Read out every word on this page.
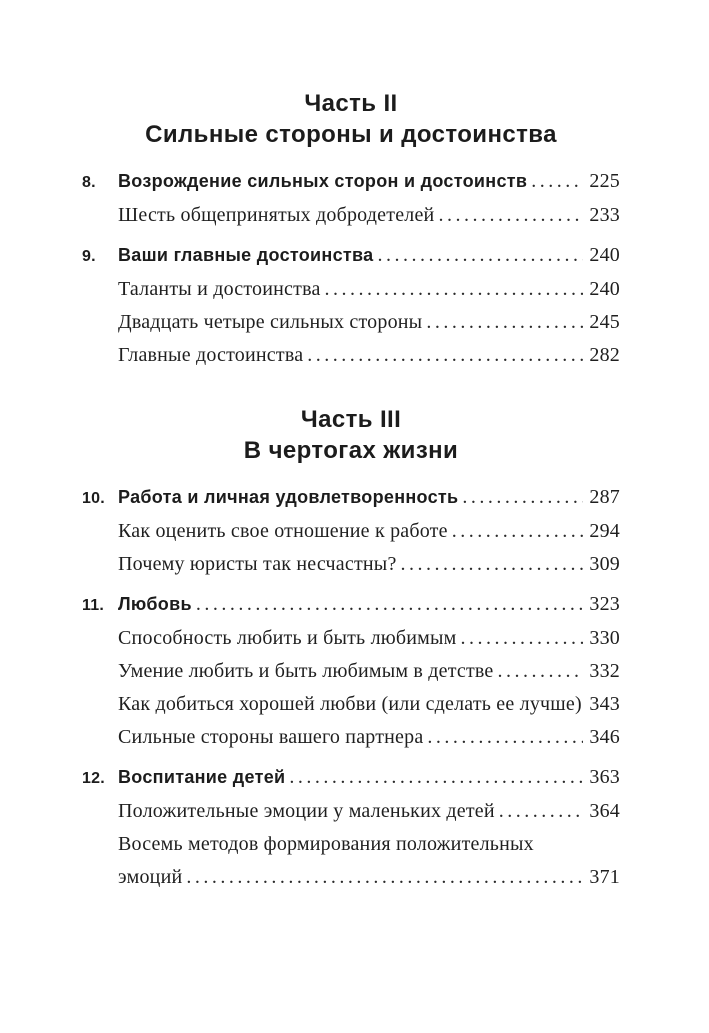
Часть II
Сильные стороны и достоинства
8.	Возрождение сильных сторон и достоинств .....	225
Шесть общепринятых добродетелей .....	233
9.	Ваши главные достоинства .....	240
Таланты и достоинства .....	240
Двадцать четыре сильных стороны .....	245
Главные достоинства .....	282
Часть III
В чертогах жизни
10. Работа и личная удовлетворенность .....	287
Как оценить свое отношение к работе .....	294
Почему юристы так несчастны? .....	309
11. Любовь .....	323
Способность любить и быть любимым .....	330
Умение любить и быть любимым в детстве .....	332
Как добиться хорошей любви (или сделать ее лучше) 343
Сильные стороны вашего партнера .....	346
12. Воспитание детей .....	363
Положительные эмоции у маленьких детей .....	364
Восемь методов формирования положительных
эмоций .....	371
